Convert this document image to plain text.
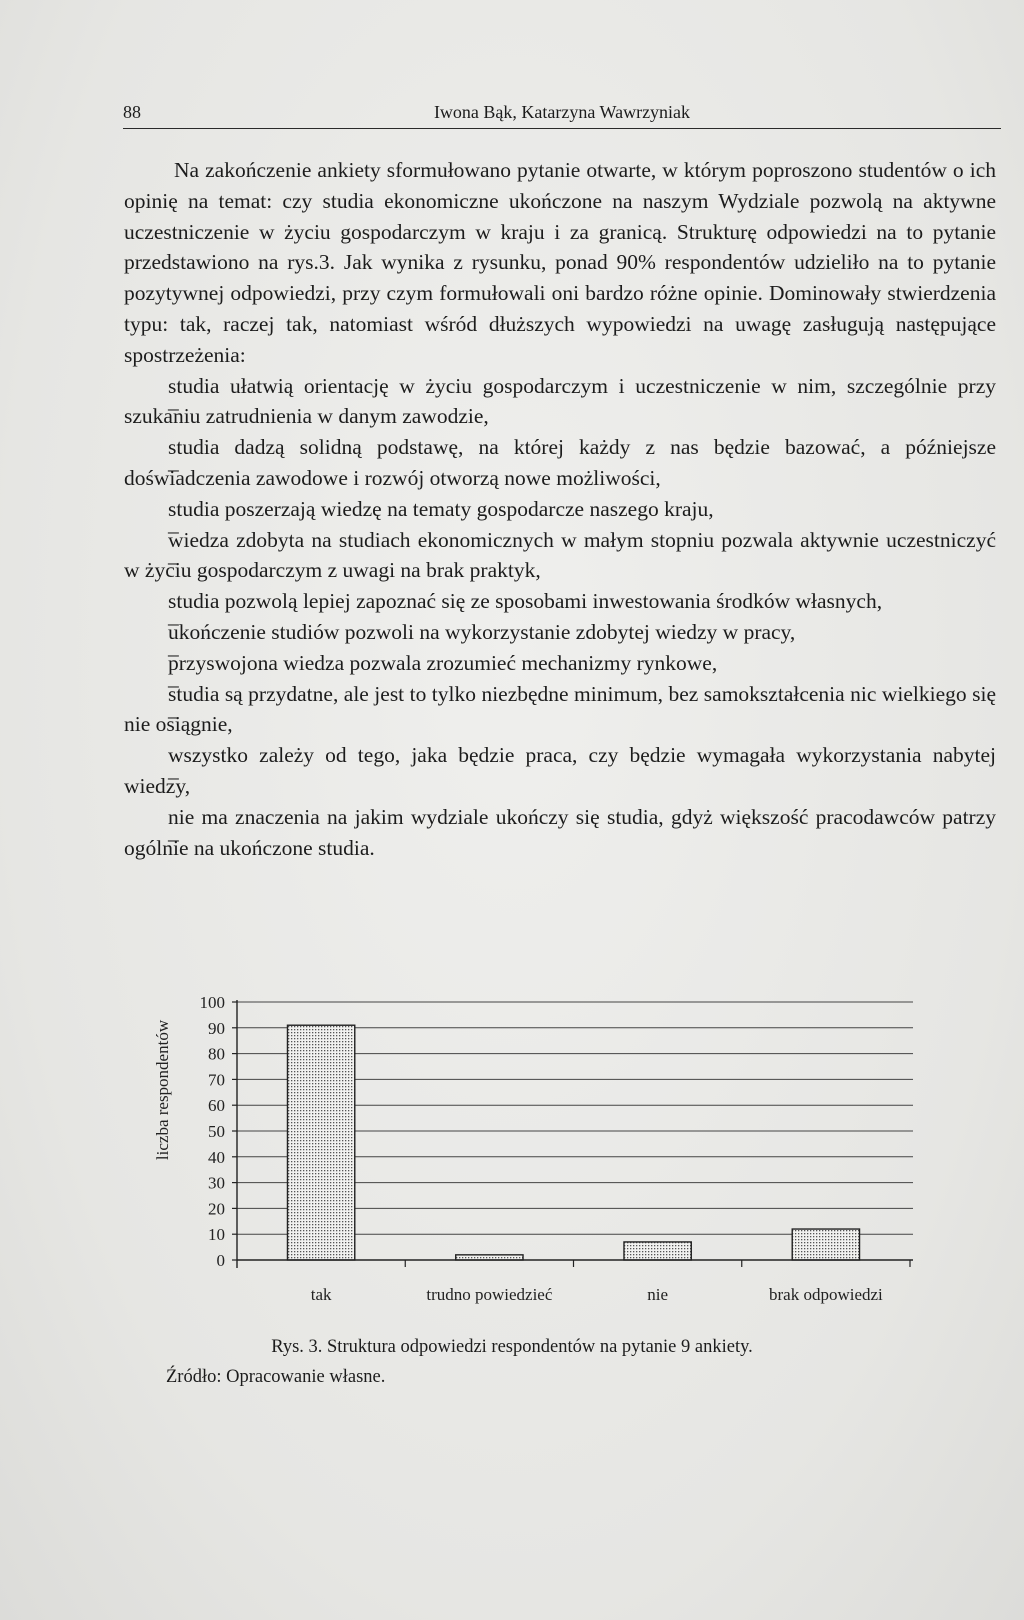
88	Iwona Bąk, Katarzyna Wawrzyniak

Na zakończenie ankiety sformułowano pytanie otwarte, w którym poproszono studentów o ich opinię na temat: czy studia ekonomiczne ukończone na naszym Wydziale pozwolą na aktywne uczestniczenie w życiu gospodarczym w kraju i za granicą. Strukturę odpowiedzi na to pytanie przedstawiono na rys.3. Jak wynika z rysunku, ponad 90% respondentów udzieliło na to pytanie pozytywnej odpowiedzi, przy czym formułowali oni bardzo różne opinie. Dominowały stwierdzenia typu: tak, raczej tak, natomiast wśród dłuższych wypowiedzi na uwagę zasługują następujące spostrzeżenia:

studia ułatwią orientację w życiu gospodarczym i uczestniczenie w nim, szczególnie przy szukaniu zatrudnienia w danym zawodzie,
studia dadzą solidną podstawę, na której każdy z nas będzie bazować, a późniejsze doświadczenia zawodowe i rozwój otworzą nowe możliwości,
studia poszerzają wiedzę na tematy gospodarcze naszego kraju,
wiedza zdobyta na studiach ekonomicznych w małym stopniu pozwala aktywnie uczestniczyć w życiu gospodarczym z uwagi na brak praktyk,
studia pozwolą lepiej zapoznać się ze sposobami inwestowania środków własnych,
ukończenie studiów pozwoli na wykorzystanie zdobytej wiedzy w pracy,
przyswojona wiedza pozwala zrozumieć mechanizmy rynkowe,
studia są przydatne, ale jest to tylko niezbędne minimum, bez samokształcenia nic wielkiego się nie osiągnie,
wszystko zależy od tego, jaka będzie praca, czy będzie wymagała wykorzystania nabytej wiedzy,
nie ma znaczenia na jakim wydziale ukończy się studia, gdyż większość pracodawców patrzy ogólnie na ukończone studia.
0
10
20
30
40
50
60
70
80
90
100
tak	trudno powiedzieć	nie	brak odpowiedzi
liczba respondentów
Rys. 3. Struktura odpowiedzi respondentów na pytanie 9 ankiety.
Źródło: Opracowanie własne.
